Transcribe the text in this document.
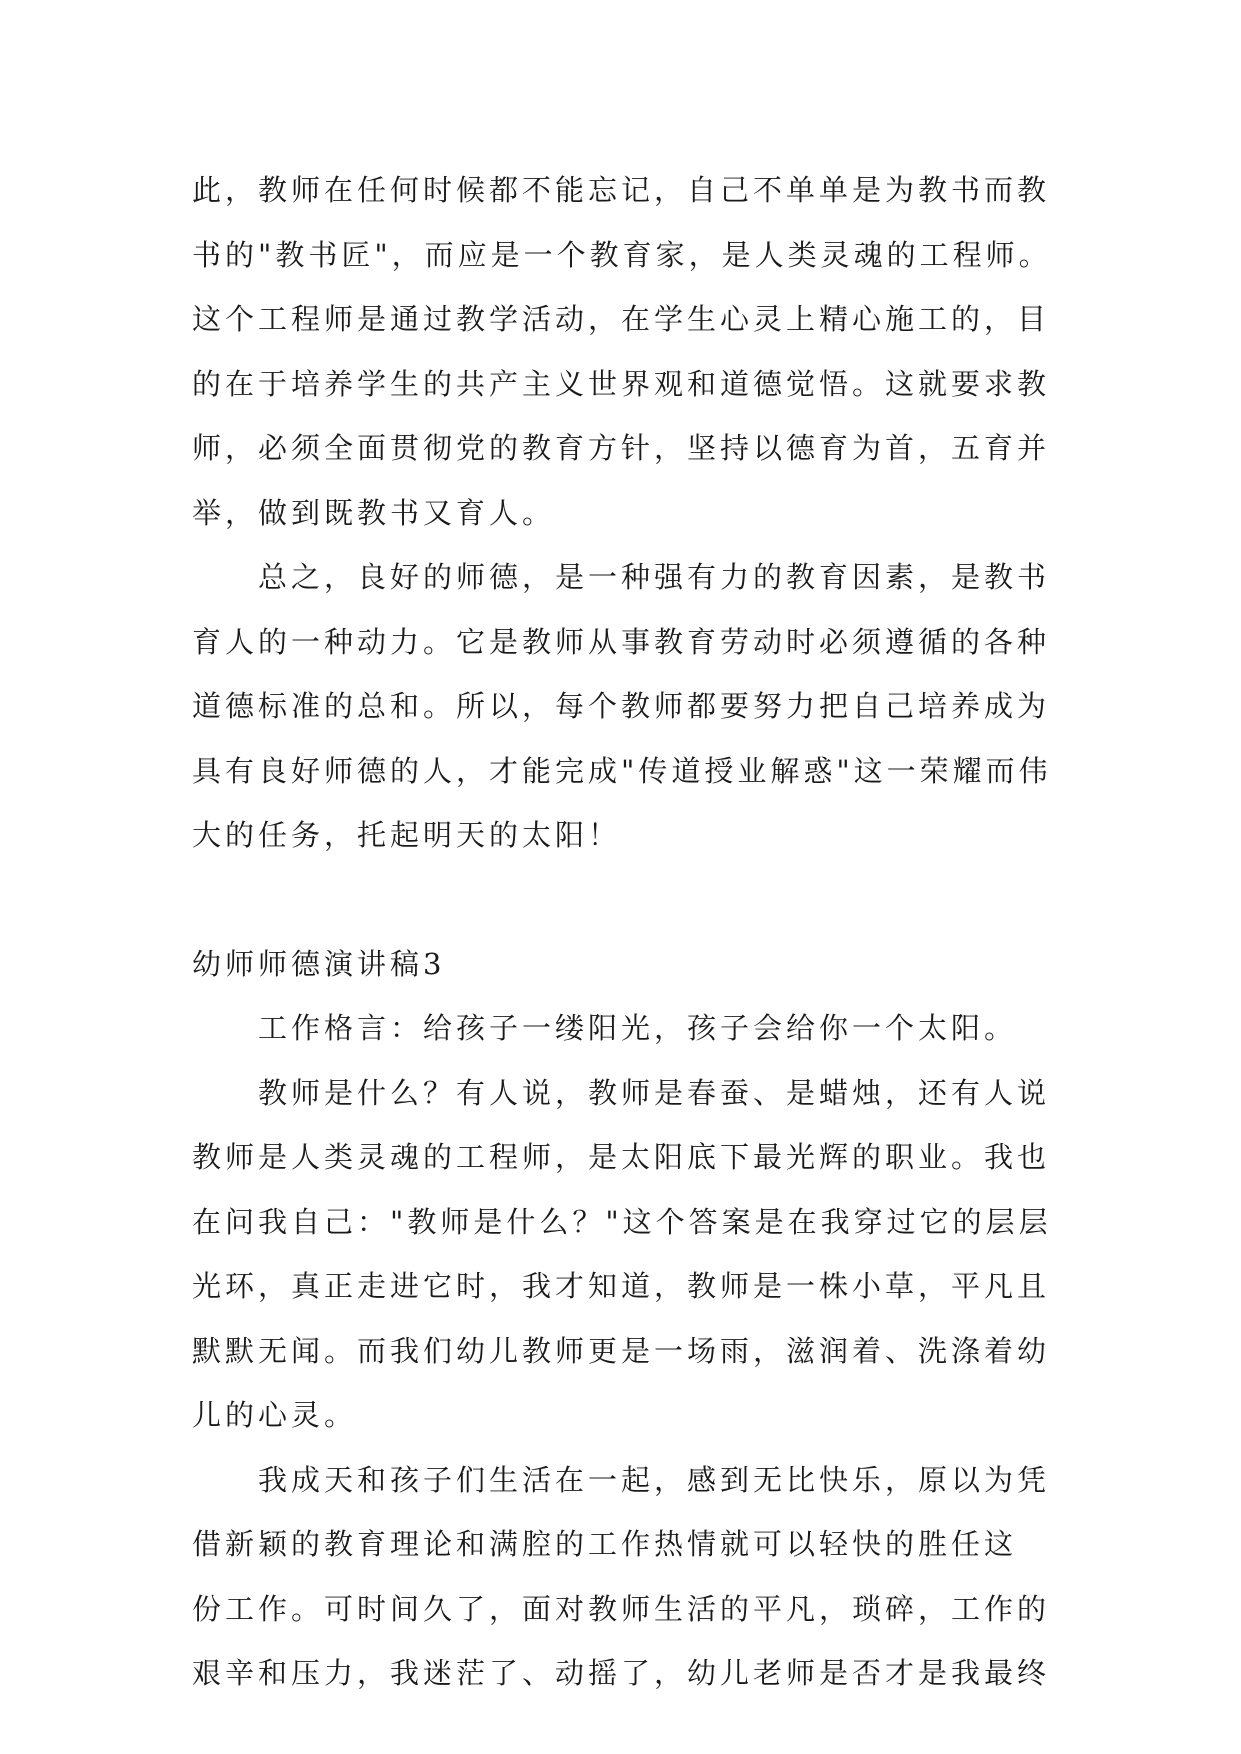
此，教师在任何时候都不能忘记，自己不单单是为教书而教
书的"教书匠"，而应是一个教育家，是人类灵魂的工程师。
这个工程师是通过教学活动，在学生心灵上精心施工的，目
的在于培养学生的共产主义世界观和道德觉悟。这就要求教
师，必须全面贯彻党的教育方针，坚持以德育为首，五育并
举，做到既教书又育人。
　　总之，良好的师德，是一种强有力的教育因素，是教书
育人的一种动力。它是教师从事教育劳动时必须遵循的各种
道德标准的总和。所以，每个教师都要努力把自己培养成为
具有良好师德的人，才能完成"传道授业解惑"这一荣耀而伟
大的任务，托起明天的太阳！
幼师师德演讲稿3
　　工作格言：给孩子一缕阳光，孩子会给你一个太阳。
　　教师是什么？有人说，教师是春蚕、是蜡烛，还有人说
教师是人类灵魂的工程师，是太阳底下最光辉的职业。我也
在问我自己："教师是什么？"这个答案是在我穿过它的层层
光环，真正走进它时，我才知道，教师是一株小草，平凡且
默默无闻。而我们幼儿教师更是一场雨，滋润着、洗涤着幼
儿的心灵。
　　我成天和孩子们生活在一起，感到无比快乐，原以为凭
借新颖的教育理论和满腔的工作热情就可以轻快的胜任这
份工作。可时间久了，面对教师生活的平凡，琐碎，工作的
艰辛和压力，我迷茫了、动摇了，幼儿老师是否才是我最终
